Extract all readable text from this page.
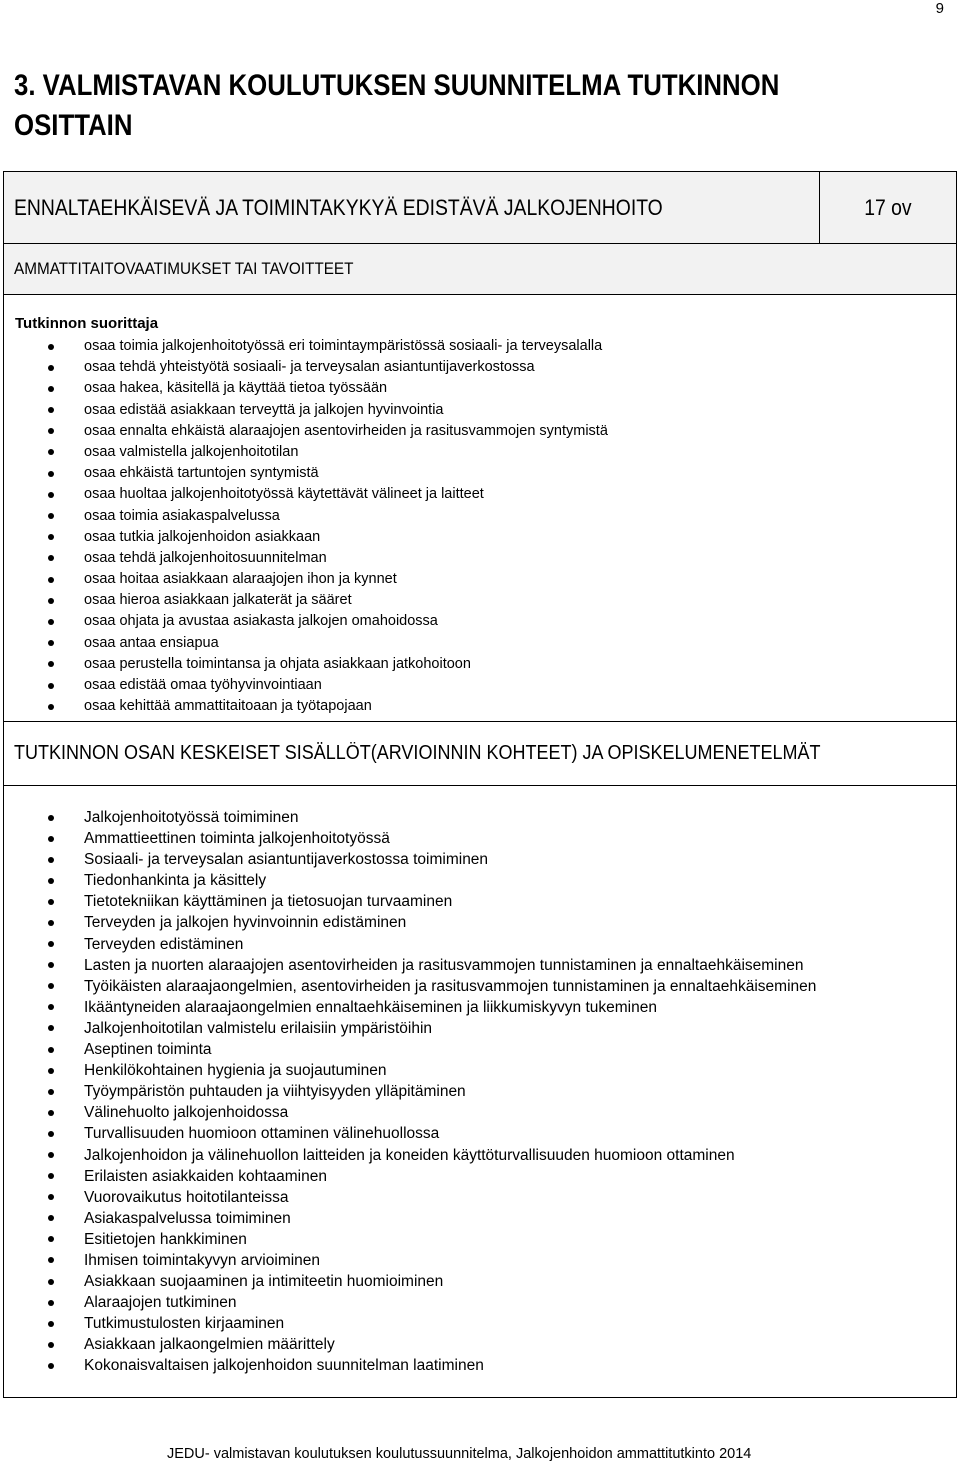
9
3. VALMISTAVAN KOULUTUKSEN SUUNNITELMA TUTKINNON OSITTAIN
ENNALTAEHKÄISEVÄ JA TOIMINTAKYKYÄ EDISTÄVÄ JALKOJENHOITO	17 ov
AMMATTITAITOVAATIMUKSET TAI TAVOITTEET
Tutkinnon suorittaja
osaa toimia jalkojenhoitotyössä eri toimintaympäristössä sosiaali- ja terveysalalla
osaa tehdä yhteistyötä sosiaali- ja terveysalan asiantuntijaverkostossa
osaa hakea, käsitellä ja käyttää tietoa työssään
osaa edistää asiakkaan terveyttä ja jalkojen hyvinvointia
osaa ennalta ehkäistä alaraajojen asentovirheiden ja rasitusvammojen syntymistä
osaa valmistella jalkojenhoitotilan
osaa ehkäistä tartuntojen syntymistä
osaa huoltaa jalkojenhoitotyössä käytettävät välineet ja laitteet
osaa toimia asiakaspalvelussa
osaa tutkia jalkojenhoidon asiakkaan
osaa tehdä jalkojenhoitosuunnitelman
osaa hoitaa asiakkaan alaraajojen ihon ja kynnet
osaa hieroa asiakkaan jalkaterät ja sääret
osaa ohjata ja avustaa asiakasta jalkojen omahoidossa
osaa antaa ensiapua
osaa perustella toimintansa ja ohjata asiakkaan jatkohoitoon
osaa edistää omaa työhyvinvointiaan
osaa kehittää ammattitaitoaan ja työtapojaan
TUTKINNON OSAN KESKEISET SISÄLLÖT(ARVIOINNIN KOHTEET) JA OPISKELUMENETELMÄT
Jalkojenhoitotyössä toimiminen
Ammattieettinen toiminta jalkojenhoitotyössä
Sosiaali- ja terveysalan asiantuntijaverkostossa toimiminen
Tiedonhankinta ja käsittely
Tietotekniikan käyttäminen ja tietosuojan turvaaminen
Terveyden ja jalkojen hyvinvoinnin edistäminen
Terveyden edistäminen
Lasten ja nuorten alaraajojen asentovirheiden ja rasitusvammojen tunnistaminen ja ennaltaehkäiseminen
Työikäisten alaraajaongelmien, asentovirheiden ja rasitusvammojen tunnistaminen ja ennaltaehkäiseminen
Ikääntyneiden alaraajaongelmien ennaltaehkäiseminen ja liikkumiskyvyn tukeminen
Jalkojenhoitotilan valmistelu erilaisiin ympäristöihin
Aseptinen toiminta
Henkilökohtainen hygienia ja suojautuminen
Työympäristön puhtauden ja viihtyisyyden ylläpitäminen
Välinehuolto jalkojenhoidossa
Turvallisuuden huomioon ottaminen välinehuollossa
Jalkojenhoidon ja välinehuollon laitteiden ja koneiden käyttöturvallisuuden huomioon ottaminen
Erilaisten asiakkaiden kohtaaminen
Vuorovaikutus hoitotilanteissa
Asiakaspalvelussa toimiminen
Esitietojen hankkiminen
Ihmisen toimintakyvyn arvioiminen
Asiakkaan suojaaminen ja intimiteetin huomioiminen
Alaraajojen tutkiminen
Tutkimustulosten kirjaaminen
Asiakkaan jalkaongelmien määrittely
Kokonaisvaltaisen jalkojenhoidon suunnitelman laatiminen
JEDU- valmistavan koulutuksen koulutussuunnitelma, Jalkojenhoidon ammattitutkinto 2014
